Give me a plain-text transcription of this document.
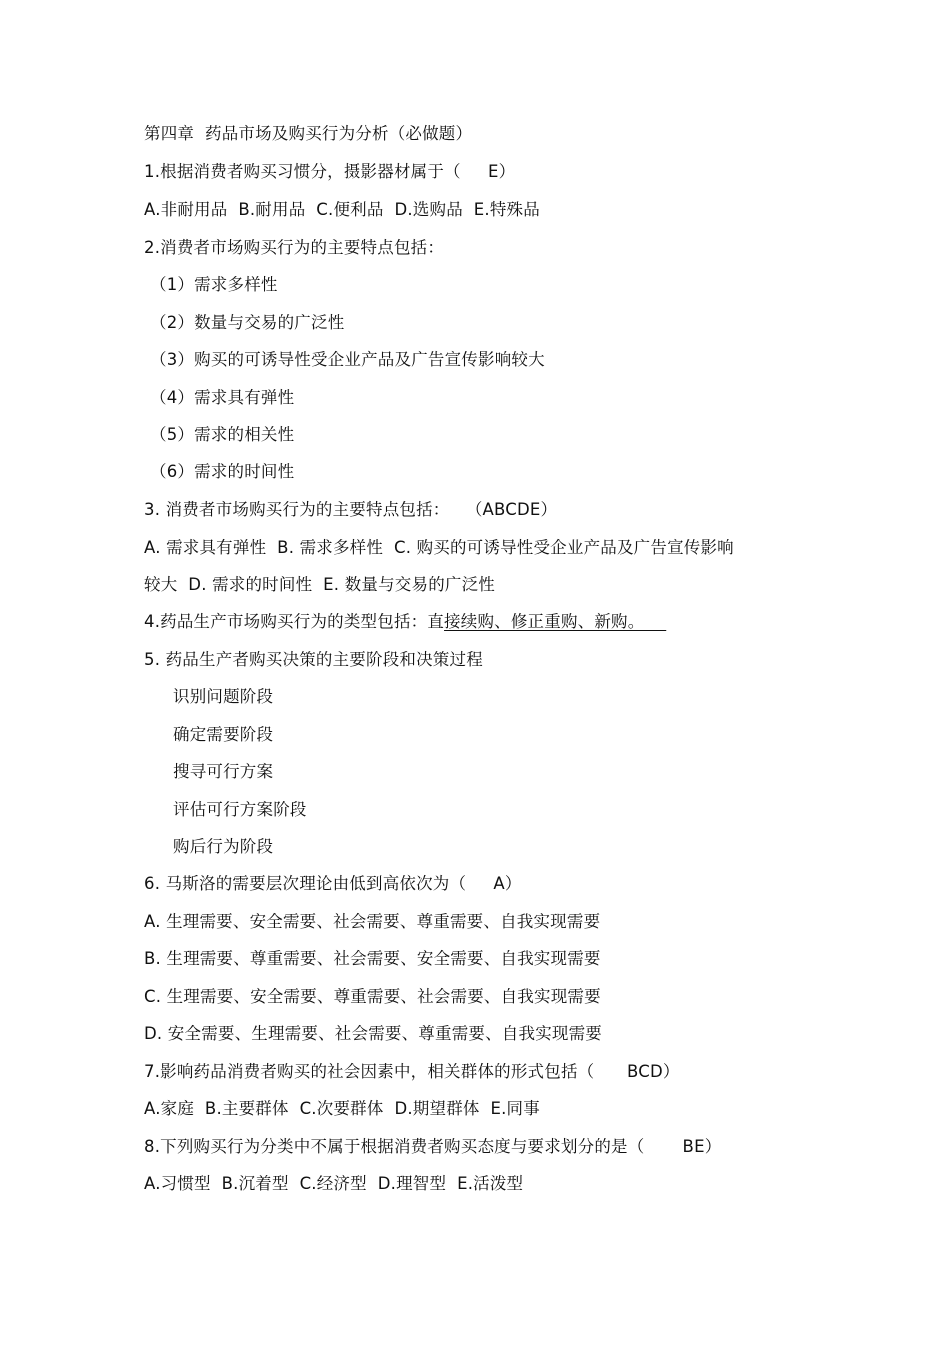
第四章  药品市场及购买行为分析（必做题）
1.根据消费者购买习惯分，摄影器材属于（     E）
A.非耐用品  B.耐用品  C.便利品  D.选购品  E.特殊品
2.消费者市场购买行为的主要特点包括：
（1）需求多样性
（2）数量与交易的广泛性
（3）购买的可诱导性受企业产品及广告宣传影响较大
（4）需求具有弹性
（5）需求的相关性
（6）需求的时间性
3. 消费者市场购买行为的主要特点包括：   （ABCDE）
A. 需求具有弹性  B. 需求多样性  C. 购买的可诱导性受企业产品及广告宣传影响
较大  D. 需求的时间性  E. 数量与交易的广泛性
4.药品生产市场购买行为的类型包括：直接续购、修正重购、新购。
5. 药品生产者购买决策的主要阶段和决策过程
识别问题阶段
确定需要阶段
搜寻可行方案
评估可行方案阶段
购后行为阶段
6. 马斯洛的需要层次理论由低到高依次为（     A）
A. 生理需要、安全需要、社会需要、尊重需要、自我实现需要
B. 生理需要、尊重需要、社会需要、安全需要、自我实现需要
C. 生理需要、安全需要、尊重需要、社会需要、自我实现需要
D. 安全需要、生理需要、社会需要、尊重需要、自我实现需要
7.影响药品消费者购买的社会因素中，相关群体的形式包括（      BCD）
A.家庭  B.主要群体  C.次要群体  D.期望群体  E.同事
8.下列购买行为分类中不属于根据消费者购买态度与要求划分的是（       BE）
A.习惯型  B.沉着型  C.经济型  D.理智型  E.活泼型
